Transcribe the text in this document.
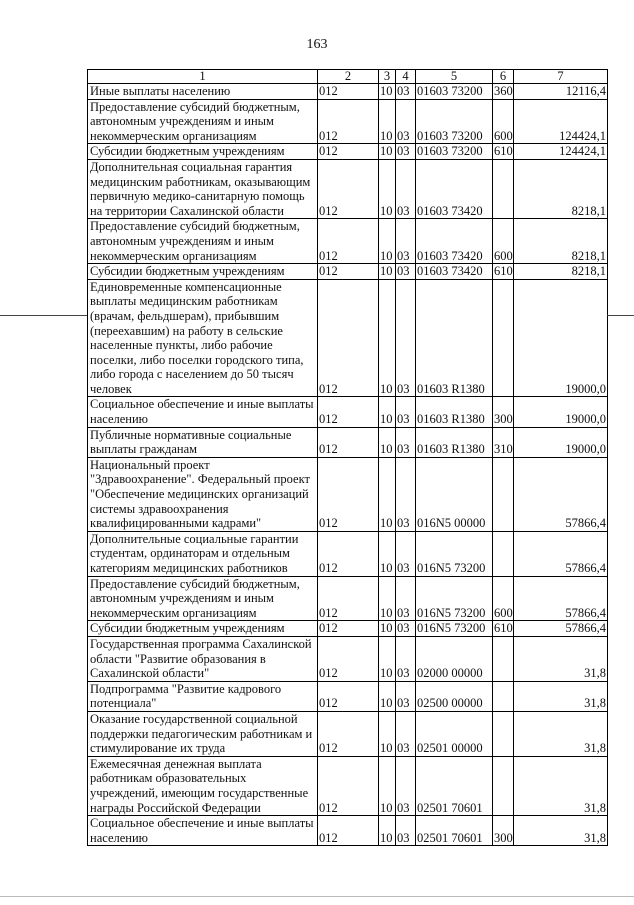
163
1	2	3	4	5	6	7
Иные выплаты населению	012	10	03	01603 73200	360	12116,4
Предоставление субсидий бюджетным, автономным учреждениям и иным некоммерческим организациям	012	10	03	01603 73200	600	124424,1
Субсидии бюджетным учреждениям	012	10	03	01603 73200	610	124424,1
Дополнительная социальная гарантия медицинским работникам, оказывающим первичную медико-санитарную помощь на территории Сахалинской области	012	10	03	01603 73420		8218,1
Предоставление субсидий бюджетным, автономным учреждениям и иным некоммерческим организациям	012	10	03	01603 73420	600	8218,1
Субсидии бюджетным учреждениям	012	10	03	01603 73420	610	8218,1
Единовременные компенсационные выплаты медицинским работникам (врачам, фельдшерам), прибывшим (переехавшим) на работу в сельские населенные пункты, либо рабочие поселки, либо поселки городского типа, либо города с населением до 50 тысяч человек	012	10	03	01603 R1380		19000,0
Социальное обеспечение и иные выплаты населению	012	10	03	01603 R1380	300	19000,0
Публичные нормативные социальные выплаты гражданам	012	10	03	01603 R1380	310	19000,0
Национальный проект "Здравоохранение". Федеральный проект "Обеспечение медицинских организаций системы здравоохранения квалифицированными кадрами"	012	10	03	016N5 00000		57866,4
Дополнительные социальные гарантии студентам, ординаторам и отдельным категориям медицинских работников	012	10	03	016N5 73200		57866,4
Предоставление субсидий бюджетным, автономным учреждениям и иным некоммерческим организациям	012	10	03	016N5 73200	600	57866,4
Субсидии бюджетным учреждениям	012	10	03	016N5 73200	610	57866,4
Государственная программа Сахалинской области "Развитие образования в Сахалинской области"	012	10	03	02000 00000		31,8
Подпрограмма "Развитие кадрового потенциала"	012	10	03	02500 00000		31,8
Оказание государственной социальной поддержки педагогическим работникам и стимулирование их труда	012	10	03	02501 00000		31,8
Ежемесячная денежная выплата работникам образовательных учреждений, имеющим государственные награды Российской Федерации	012	10	03	02501 70601		31,8
Социальное обеспечение и иные выплаты населению	012	10	03	02501 70601	300	31,8
